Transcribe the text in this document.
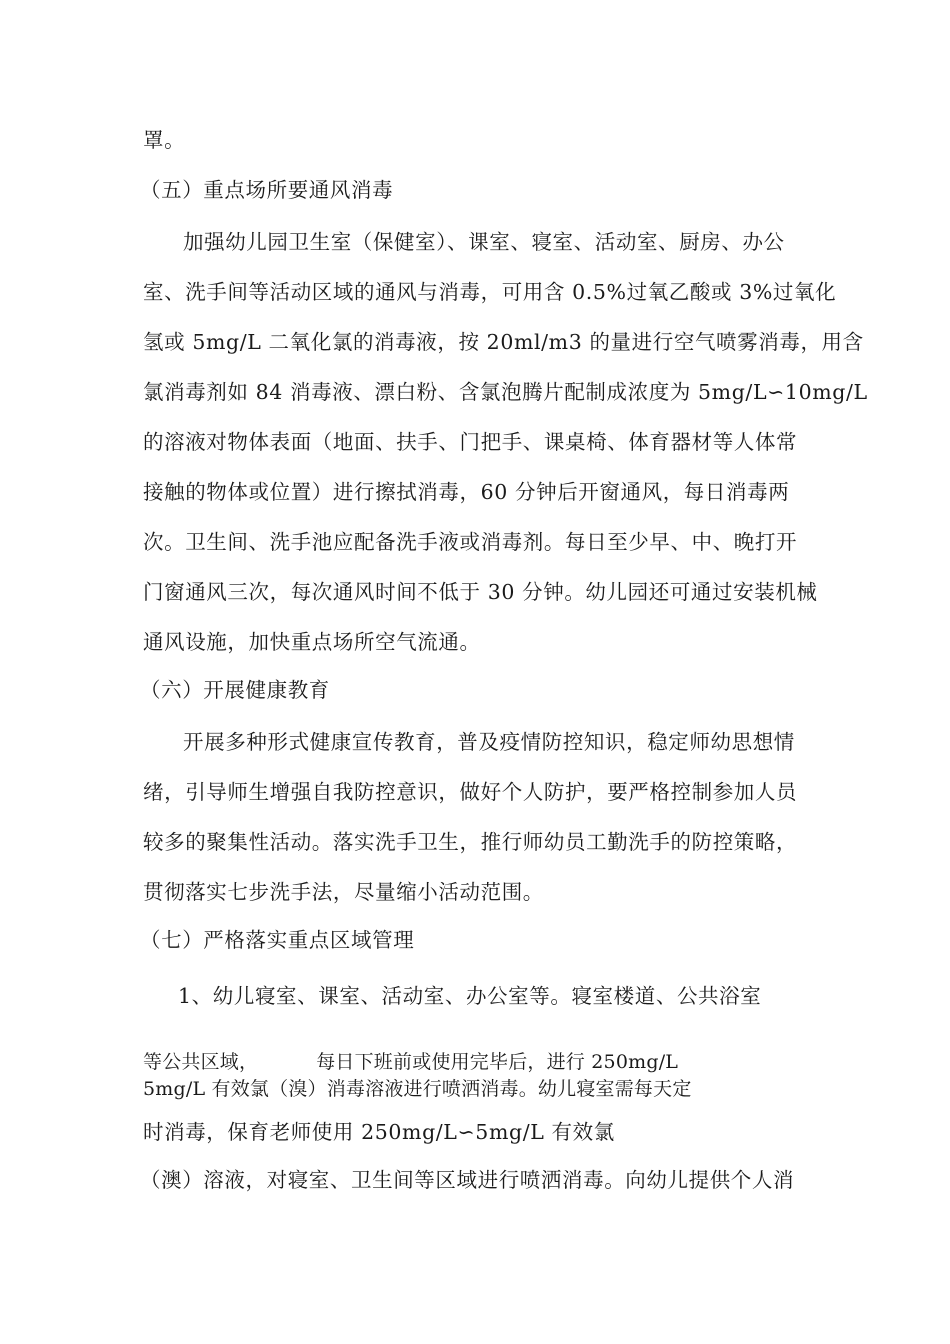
罩。
（五）重点场所要通风消毒
加强幼儿园卫生室（保健室）、课室、寝室、活动室、厨房、办公
室、洗手间等活动区域的通风与消毒，可用含 0.5%过氧乙酸或 3%过氧化
氢或 5mg/L 二氧化氯的消毒液，按 20ml/m3 的量进行空气喷雾消毒，用含
氯消毒剂如 84 消毒液、漂白粉、含氯泡腾片配制成浓度为 5mg/L∽10mg/L
的溶液对物体表面（地面、扶手、门把手、课桌椅、体育器材等人体常
接触的物体或位置）进行擦拭消毒，60 分钟后开窗通风，每日消毒两
次。卫生间、洗手池应配备洗手液或消毒剂。每日至少早、中、晚打开
门窗通风三次，每次通风时间不低于 30 分钟。幼儿园还可通过安装机械
通风设施，加快重点场所空气流通。
（六）开展健康教育
开展多种形式健康宣传教育，普及疫情防控知识，稳定师幼思想情
绪，引导师生增强自我防控意识，做好个人防护，要严格控制参加人员
较多的聚集性活动。落实洗手卫生，推行师幼员工勤洗手的防控策略，
贯彻落实七步洗手法，尽量缩小活动范围。
（七）严格落实重点区域管理
1、幼儿寝室、课室、活动室、办公室等。寝室楼道、公共浴室
等公共区域，	每日下班前或使用完毕后，进行 250mg/L
5mg/L 有效氯（溴）消毒溶液进行喷洒消毒。幼儿寝室需每天定
时消毒，保育老师使用 250mg/L∽5mg/L 有效氯
（澳）溶液，对寝室、卫生间等区域进行喷洒消毒。向幼儿提供个人消
